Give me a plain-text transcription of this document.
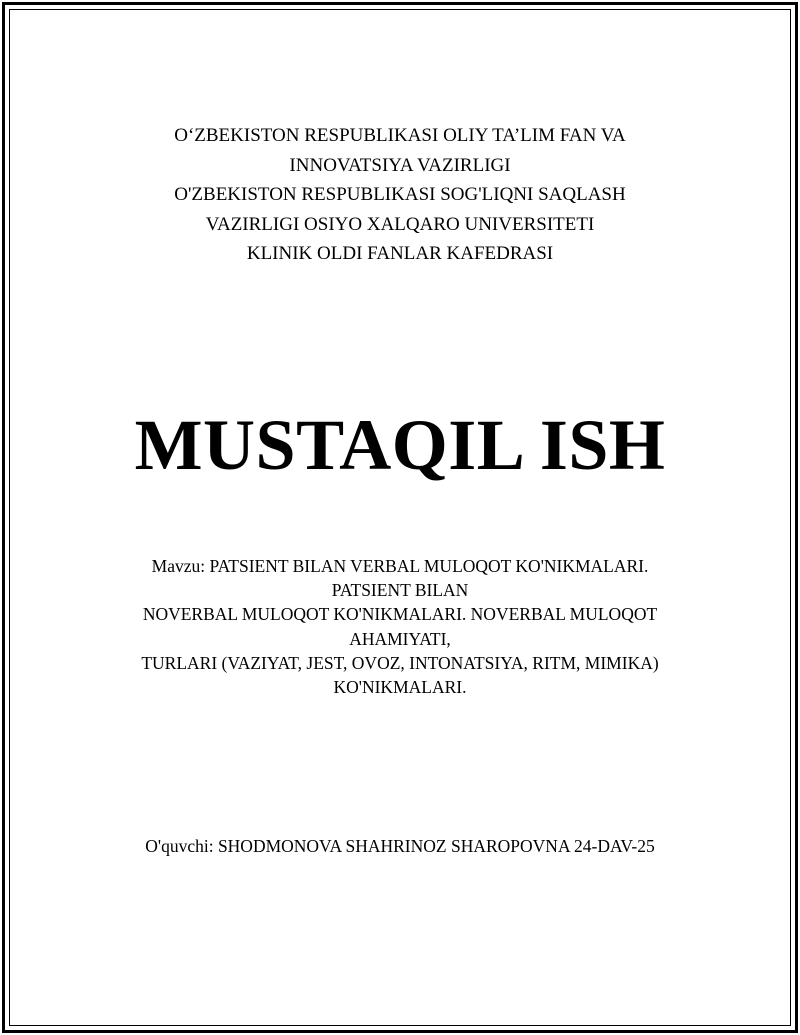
O‘ZBEKISTON RESPUBLIKASI OLIY TA’LIM FAN VA
INNOVATSIYA VAZIRLIGI
O'ZBEKISTON RESPUBLIKASI SOG'LIQNI SAQLASH
VAZIRLIGI OSIYO XALQARO UNIVERSITETI
KLINIK OLDI FANLAR KAFEDRASI
MUSTAQIL ISH
Mavzu: PATSIENT BILAN VERBAL MULOQOT KO'NIKMALARI.
PATSIENT BILAN
NOVERBAL MULOQOT KO'NIKMALARI. NOVERBAL MULOQOT
AHAMIYATI,
TURLARI (VAZIYAT, JEST, OVOZ, INTONATSIYA, RITM, MIMIKA)
KO'NIKMALARI.
O'quvchi: SHODMONOVA SHAHRINOZ SHAROPOVNA 24-DAV-25
